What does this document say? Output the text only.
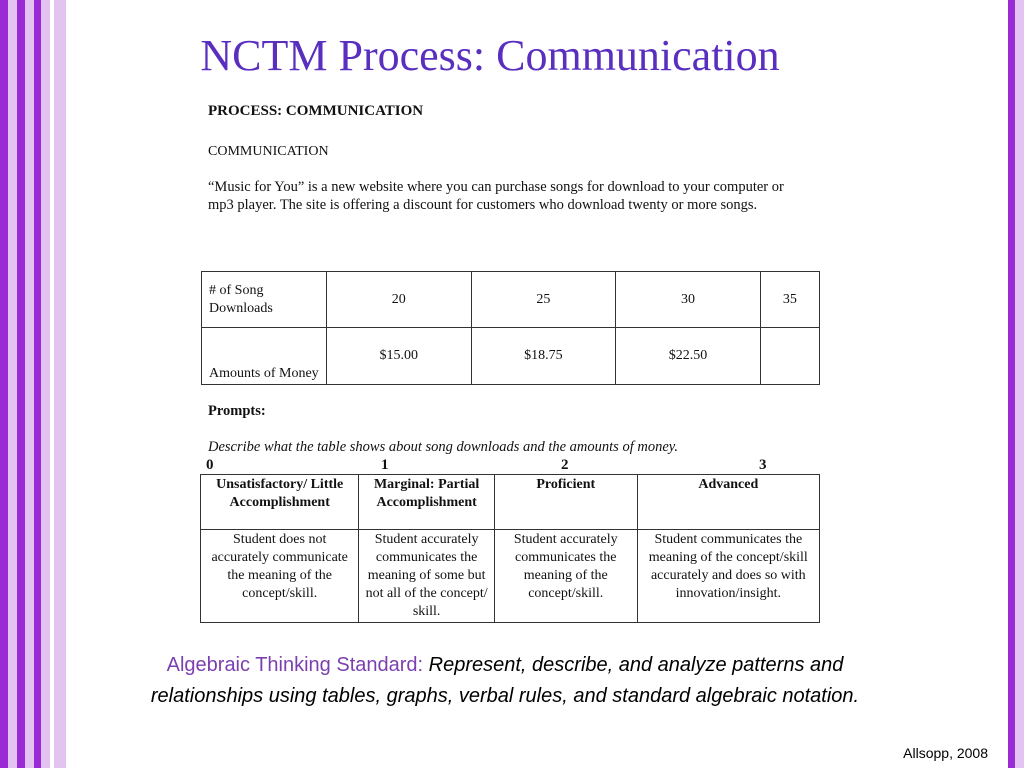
NCTM Process: Communication
PROCESS: COMMUNICATION
COMMUNICATION
“Music for You” is a new website where you can purchase songs for download to your computer or mp3 player. The site is offering a discount for customers who download twenty or more songs.
# of Song Downloads	20	25	30	35
Amounts of Money	$15.00	$18.75	$22.50	
Prompts:
Describe what the table shows about song downloads and the amounts of money.
0	1	2	3
Unsatisfactory/ Little Accomplishment	Marginal: Partial Accomplishment	Proficient	Advanced
Student does not accurately communicate the meaning of the concept/skill.	Student accurately communicates the meaning of some but not all of the concept/ skill.	Student accurately communicates the meaning of the concept/skill.	Student communicates the meaning of the concept/skill accurately and does so with innovation/insight.
Algebraic Thinking Standard: Represent, describe, and analyze patterns and relationships using tables, graphs, verbal rules, and standard algebraic notation.
Allsopp, 2008
